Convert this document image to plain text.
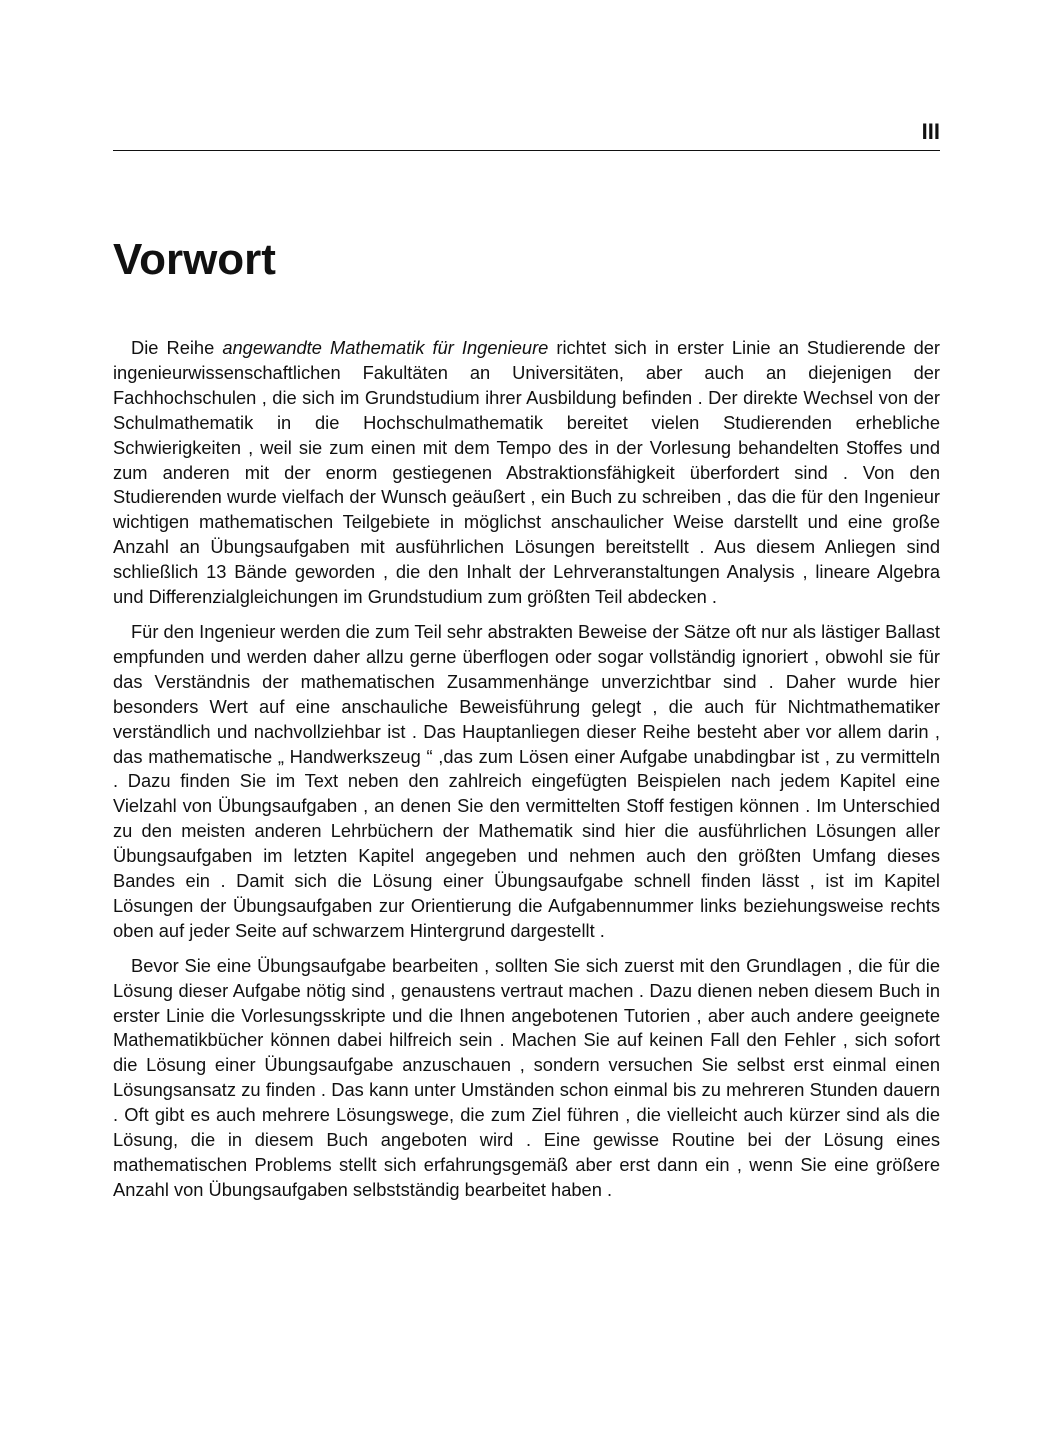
III
Vorwort

Die Reihe angewandte Mathematik für Ingenieure richtet sich in erster Linie an Studierende der ingenieurwissenschaftlichen Fakultäten an Universitäten, aber auch an diejenigen der Fachhochschulen , die sich im Grundstudium ihrer Ausbildung befinden . Der direkte Wechsel von der Schulmathematik in die Hochschulmathematik bereitet vielen Studierenden erhebliche Schwierigkeiten , weil sie zum einen mit dem Tempo des in der Vorlesung behandelten Stoffes und zum anderen mit der enorm gestiegenen Abstraktionsfähigkeit überfordert sind . Von den Studierenden wurde vielfach der Wunsch geäußert , ein Buch zu schreiben , das die für den Ingenieur wichtigen mathematischen Teilgebiete in möglichst anschaulicher Weise darstellt und eine große Anzahl an Übungsaufgaben mit ausführlichen Lösungen bereitstellt . Aus diesem Anliegen sind schließlich 13 Bände geworden , die den Inhalt der Lehrveranstaltungen Analysis , lineare Algebra und Differenzialgleichungen im Grundstudium zum größten Teil abdecken .

Für den Ingenieur werden die zum Teil sehr abstrakten Beweise der Sätze oft nur als lästiger Ballast empfunden und werden daher allzu gerne überflogen oder sogar vollständig ignoriert , obwohl sie für das Verständnis der mathematischen Zusammenhänge unverzichtbar sind . Daher wurde hier besonders Wert auf eine anschauliche Beweisführung gelegt , die auch für Nichtmathematiker verständlich und nachvollziehbar ist . Das Hauptanliegen dieser Reihe besteht aber vor allem darin , das mathematische „ Handwerkszeug “ ,das zum Lösen einer Aufgabe unabdingbar ist , zu vermitteln . Dazu finden Sie im Text neben den zahlreich eingefügten Beispielen nach jedem Kapitel eine Vielzahl von Übungsaufgaben , an denen Sie den vermittelten Stoff festigen können . Im Unterschied zu den meisten anderen Lehrbüchern der Mathematik sind hier die ausführlichen Lösungen aller Übungsaufgaben im letzten Kapitel angegeben und nehmen auch den größten Umfang dieses Bandes ein . Damit sich die Lösung einer Übungsaufgabe schnell finden lässt , ist im Kapitel Lösungen der Übungsaufgaben zur Orientierung die Aufgabennummer links beziehungsweise rechts oben auf jeder Seite auf schwarzem Hintergrund dargestellt .

Bevor Sie eine Übungsaufgabe bearbeiten , sollten Sie sich zuerst mit den Grundlagen , die für die Lösung dieser Aufgabe nötig sind , genaustens vertraut machen . Dazu dienen neben diesem Buch in erster Linie die Vorlesungsskripte und die Ihnen angebotenen Tutorien , aber auch andere geeignete Mathematikbücher können dabei hilfreich sein . Machen Sie auf keinen Fall den Fehler , sich sofort die Lösung einer Übungsaufgabe anzuschauen , sondern versuchen Sie selbst erst einmal einen Lösungsansatz zu finden . Das kann unter Umständen schon einmal bis zu mehreren Stunden dauern . Oft gibt es auch mehrere Lösungswege, die zum Ziel führen , die vielleicht auch kürzer sind als die Lösung, die in diesem Buch angeboten wird . Eine gewisse Routine bei der Lösung eines mathematischen Problems stellt sich erfahrungsgemäß aber erst dann ein , wenn Sie eine größere Anzahl von Übungsaufgaben selbstständig bearbeitet haben .
